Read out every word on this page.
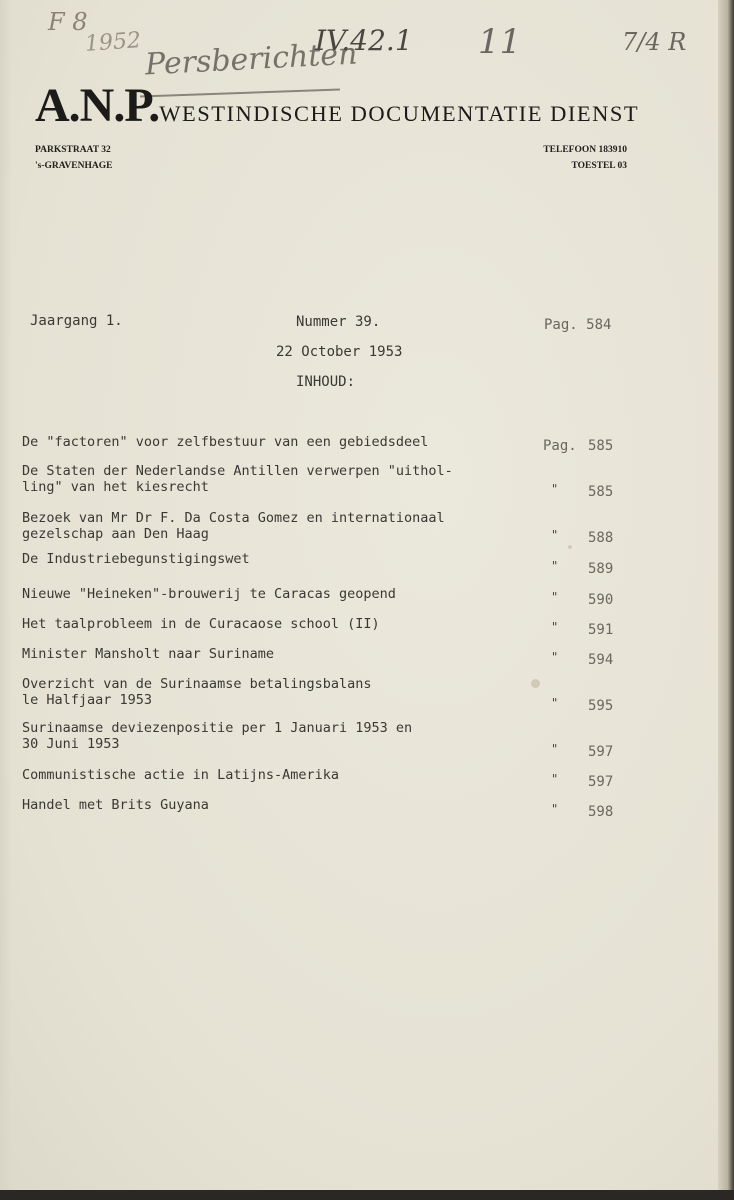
F 8
1952 Persberichten
IV.42.1 11	7/4 R
A.N.P.WESTINDISCHE DOCUMENTATIE DIENST
PARKSTRAAT 32
's-GRAVENHAGE
TELEFOON 183910
TOESTEL 03
Jaargang 1.	Nummer 39.	Pag. 584
22 October 1953
INHOUD:
De "factoren" voor zelfbestuur van een gebiedsdeel	Pag. 585
De Staten der Nederlandse Antillen verwerpen "uithol-
ling" van het kiesrecht	" 585
Bezoek van Mr Dr F. Da Costa Gomez en internationaal
gezelschap aan Den Haag	" 588
De Industriebegunstigingswet	" 589
Nieuwe "Heineken"-brouwerij te Caracas geopend	" 590
Het taalprobleem in de Curacaose school (II)	" 591
Minister Mansholt naar Suriname	" 594
Overzicht van de Surinaamse betalingsbalans
le Halfjaar 1953	" 595
Surinaamse deviezenpositie per 1 Januari 1953 en
30 Juni 1953	" 597
Communistische actie in Latijns-Amerika	" 597
Handel met Brits Guyana	" 598
